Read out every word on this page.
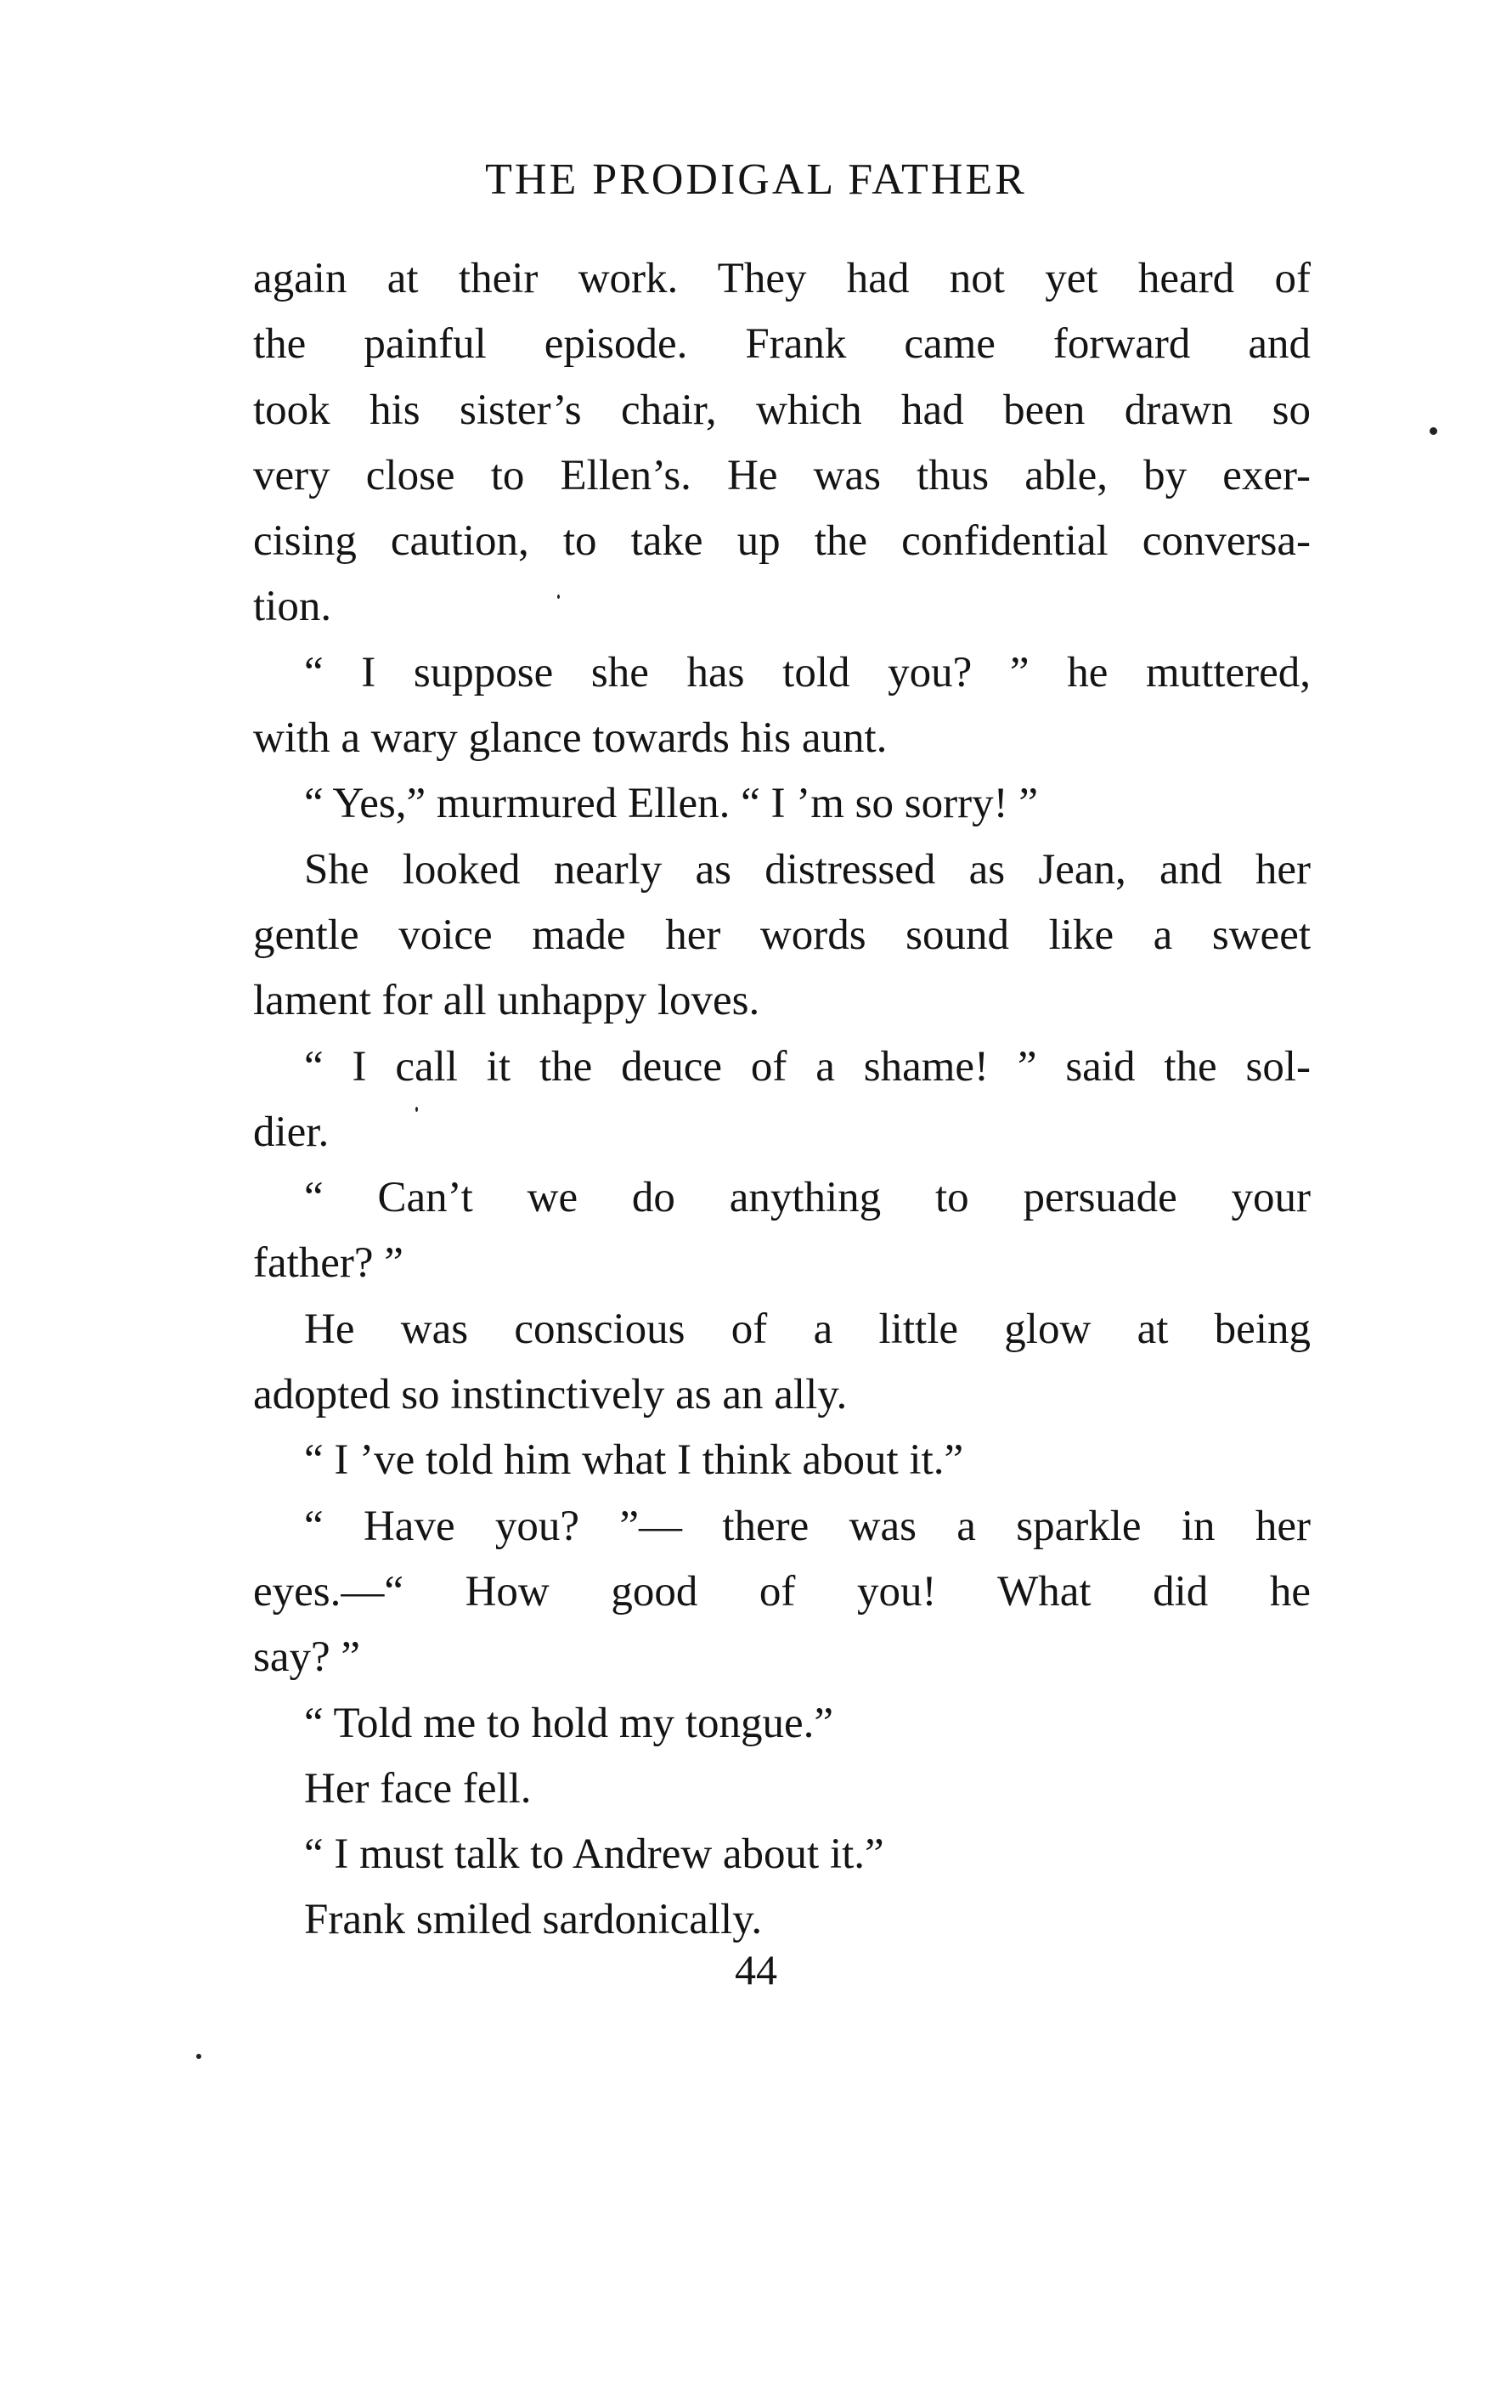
THE PRODIGAL FATHER
again at their work. They had not yet heard of
the painful episode. Frank came forward and
took his sister’s chair, which had been drawn so
very close to Ellen’s. He was thus able, by exer-
cising caution, to take up the confidential conversa-
tion.
“ I suppose she has told you? ” he muttered,
with a wary glance towards his aunt.
“ Yes,” murmured Ellen. “ I ’m so sorry! ”
She looked nearly as distressed as Jean, and her
gentle voice made her words sound like a sweet
lament for all unhappy loves.
“ I call it the deuce of a shame! ” said the sol-
dier.
“ Can’t we do anything to persuade your
father? ”
He was conscious of a little glow at being
adopted so instinctively as an ally.
“ I ’ve told him what I think about it.”
“ Have you? ”— there was a sparkle in her
eyes.—“ How good of you! What did he
say? ”
“ Told me to hold my tongue.”
Her face fell.
“ I must talk to Andrew about it.”
Frank smiled sardonically.
44
